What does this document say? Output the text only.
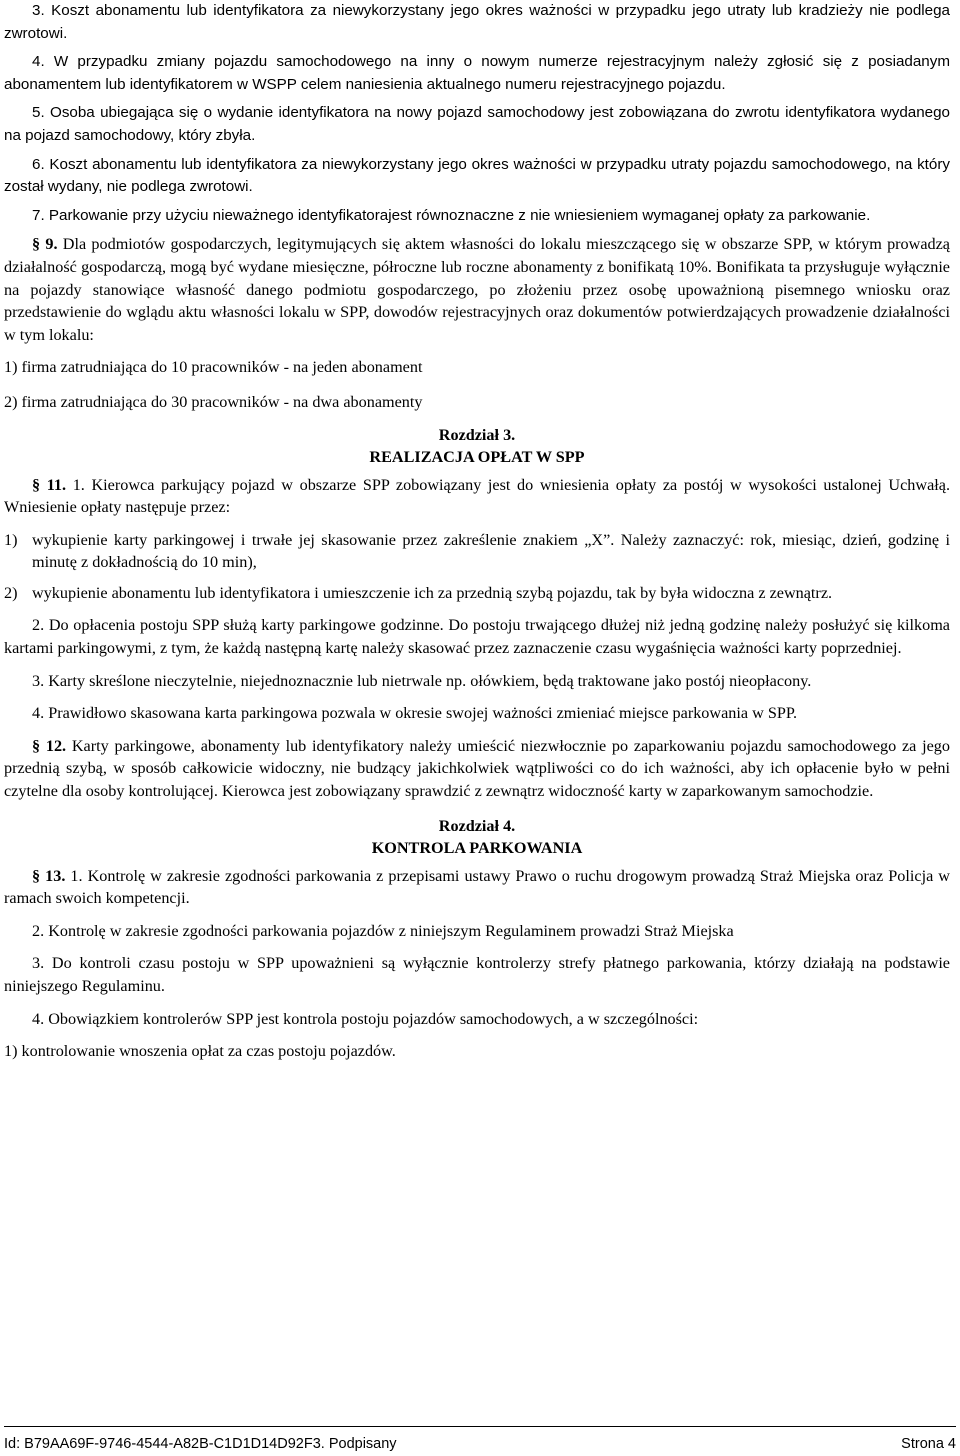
3. Koszt abonamentu lub identyfikatora za niewykorzystany jego okres ważności w przypadku jego utraty lub kradzieży nie podlega zwrotowi.

4. W przypadku zmiany pojazdu samochodowego na inny o nowym numerze rejestracyjnym należy zgłosić się z posiadanym abonamentem lub identyfikatorem w WSPP celem naniesienia aktualnego numeru rejestracyjnego pojazdu.

5. Osoba ubiegająca się o wydanie identyfikatora na nowy pojazd samochodowy jest zobowiązana do zwrotu identyfikatora wydanego na pojazd samochodowy, który zbyła.

6. Koszt abonamentu lub identyfikatora za niewykorzystany jego okres ważności w przypadku utraty pojazdu samochodowego, na który został wydany, nie podlega zwrotowi.

7. Parkowanie przy użyciu nieważnego identyfikatorajest równoznaczne z nie wniesieniem wymaganej opłaty za parkowanie.

§ 9. Dla podmiotów gospodarczych, legitymujących się aktem własności do lokalu mieszczącego się w obszarze SPP, w którym prowadzą działalność gospodarczą, mogą być wydane miesięczne, półroczne lub roczne abonamenty z bonifikatą 10%. Bonifikata ta przysługuje wyłącznie na pojazdy stanowiące własność danego podmiotu gospodarczego, po złożeniu przez osobę upoważnioną pisemnego wniosku oraz przedstawienie do wglądu aktu własności lokalu w SPP, dowodów rejestracyjnych oraz dokumentów potwierdzających prowadzenie działalności w tym lokalu:

1) firma zatrudniająca do 10 pracowników - na jeden abonament

2) firma zatrudniająca do 30 pracowników - na dwa abonamenty

Rozdział 3.
REALIZACJA OPŁAT W SPP

§ 11. 1. Kierowca parkujący pojazd w obszarze SPP zobowiązany jest do wniesienia opłaty za postój w wysokości ustalonej Uchwałą. Wniesienie opłaty następuje przez:

1) wykupienie karty parkingowej i trwałe jej skasowanie przez zakreślenie znakiem „X”. Należy zaznaczyć: rok, miesiąc, dzień, godzinę i minutę z dokładnością do 10 min),
2) wykupienie abonamentu lub identyfikatora i umieszczenie ich za przednią szybą pojazdu, tak by była widoczna z zewnątrz.

2. Do opłacenia postoju SPP służą karty parkingowe godzinne. Do postoju trwającego dłużej niż jedną godzinę należy posłużyć się kilkoma kartami parkingowymi, z tym, że każdą następną kartę należy skasować przez zaznaczenie czasu wygaśnięcia ważności karty poprzedniej.

3. Karty skreślone nieczytelnie, niejednoznacznie lub nietrwale np. ołówkiem, będą traktowane jako postój nieopłacony.

4. Prawidłowo skasowana karta parkingowa pozwala w okresie swojej ważności zmieniać miejsce parkowania w SPP.

§ 12. Karty parkingowe, abonamenty lub identyfikatory należy umieścić niezwłocznie po zaparkowaniu pojazdu samochodowego za jego przednią szybą, w sposób całkowicie widoczny, nie budzący jakichkolwiek wątpliwości co do ich ważności, aby ich opłacenie było w pełni czytelne dla osoby kontrolującej. Kierowca jest zobowiązany sprawdzić z zewnątrz widoczność karty w zaparkowanym samochodzie.

Rozdział 4.
KONTROLA PARKOWANIA

§ 13. 1. Kontrolę w zakresie zgodności parkowania z przepisami ustawy Prawo o ruchu drogowym prowadzą Straż Miejska oraz Policja w ramach swoich kompetencji.

2. Kontrolę w zakresie zgodności parkowania pojazdów z niniejszym Regulaminem prowadzi Straż Miejska

3. Do kontroli czasu postoju w SPP upoważnieni są wyłącznie kontrolerzy strefy płatnego parkowania, którzy działają na podstawie niniejszego Regulaminu.

4. Obowiązkiem kontrolerów SPP jest kontrola postoju pojazdów samochodowych, a w szczególności:

1) kontrolowanie wnoszenia opłat za czas postoju pojazdów.

Id: B79AA69F-9746-4544-A82B-C1D1D14D92F3. Podpisany	Strona 4
